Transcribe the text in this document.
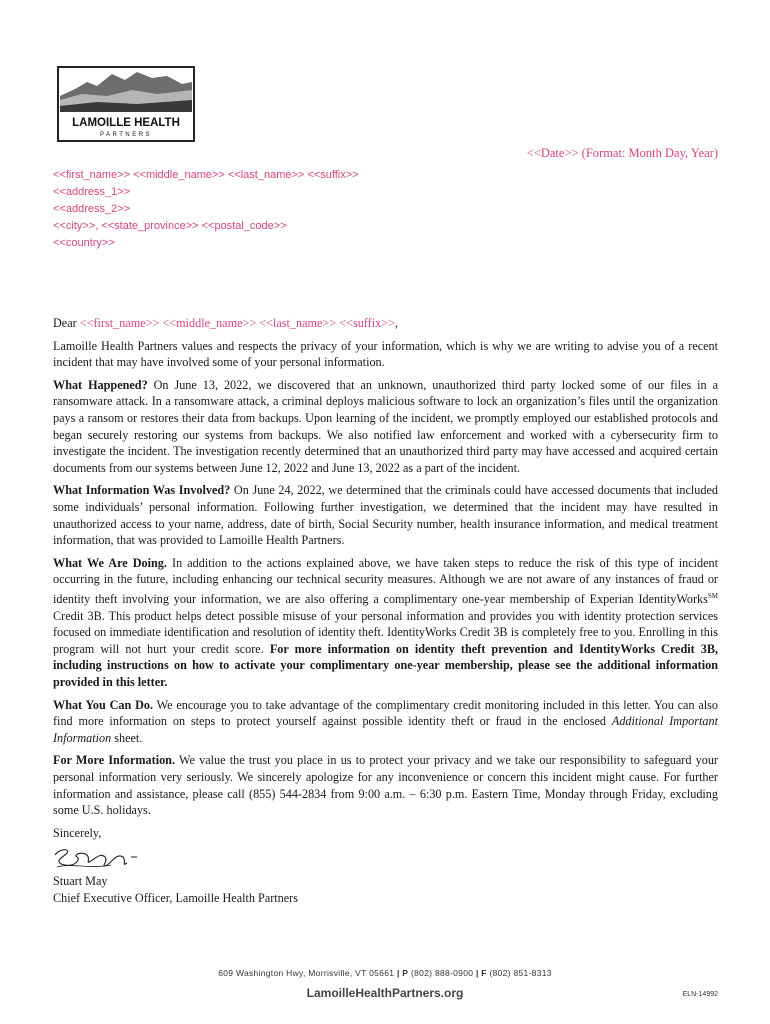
LAMOILLE HEALTH
PARTNERS
<<Date>> (Format: Month Day, Year)
<<first_name>> <<middle_name>> <<last_name>> <<suffix>>
<<address_1>>
<<address_2>>
<<city>>, <<state_province>> <<postal_code>>
<<country>>

Dear <<first_name>> <<middle_name>> <<last_name>> <<suffix>>,

Lamoille Health Partners values and respects the privacy of your information, which is why we are writing to advise you of a recent incident that may have involved some of your personal information.

What Happened? On June 13, 2022, we discovered that an unknown, unauthorized third party locked some of our files in a ransomware attack. In a ransomware attack, a criminal deploys malicious software to lock an organization’s files until the organization pays a ransom or restores their data from backups. Upon learning of the incident, we promptly employed our established protocols and began securely restoring our systems from backups. We also notified law enforcement and worked with a cybersecurity firm to investigate the incident. The investigation recently determined that an unauthorized third party may have accessed and acquired certain documents from our systems between June 12, 2022 and June 13, 2022 as a part of the incident.

What Information Was Involved? On June 24, 2022, we determined that the criminals could have accessed documents that included some individuals’ personal information. Following further investigation, we determined that the incident may have resulted in unauthorized access to your name, address, date of birth, Social Security number, health insurance information, and medical treatment information, that was provided to Lamoille Health Partners.

What We Are Doing. In addition to the actions explained above, we have taken steps to reduce the risk of this type of incident occurring in the future, including enhancing our technical security measures. Although we are not aware of any instances of fraud or identity theft involving your information, we are also offering a complimentary one-year membership of Experian IdentityWorks℠ Credit 3B. This product helps detect possible misuse of your personal information and provides you with identity protection services focused on immediate identification and resolution of identity theft. IdentityWorks Credit 3B is completely free to you. Enrolling in this program will not hurt your credit score. For more information on identity theft prevention and IdentityWorks Credit 3B, including instructions on how to activate your complimentary one-year membership, please see the additional information provided in this letter.

What You Can Do. We encourage you to take advantage of the complimentary credit monitoring included in this letter. You can also find more information on steps to protect yourself against possible identity theft or fraud in the enclosed Additional Important Information sheet.

For More Information. We value the trust you place in us to protect your privacy and we take our responsibility to safeguard your personal information very seriously. We sincerely apologize for any inconvenience or concern this incident might cause. For further information and assistance, please call (855) 544-2834 from 9:00 a.m. – 6:30 p.m. Eastern Time, Monday through Friday, excluding some U.S. holidays.

Sincerely,
Stuart May
Chief Executive Officer, Lamoille Health Partners
609 Washington Hwy, Morrisville, VT 05661 | P (802) 888-0900 | F (802) 851-8313
LamoilleHealthPartners.org	ELN-14992
